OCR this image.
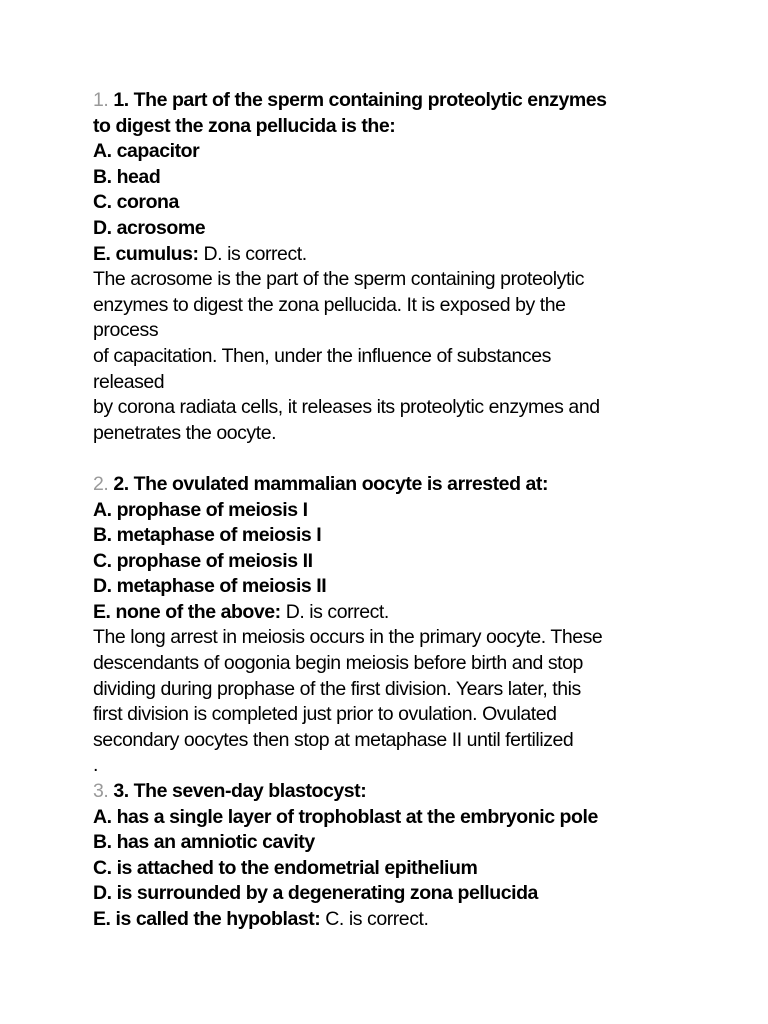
1. 1. The part of the sperm containing proteolytic enzymes
to digest the zona pellucida is the:
A. capacitor
B. head
C. corona
D. acrosome
E. cumulus: D. is correct.
The acrosome is the part of the sperm containing proteolytic
enzymes to digest the zona pellucida. It is exposed by the
process
of capacitation. Then, under the influence of substances
released
by corona radiata cells, it releases its proteolytic enzymes and
penetrates the oocyte.
2. 2. The ovulated mammalian oocyte is arrested at:
A. prophase of meiosis I
B. metaphase of meiosis I
C. prophase of meiosis II
D. metaphase of meiosis II
E. none of the above: D. is correct.
The long arrest in meiosis occurs in the primary oocyte. These
descendants of oogonia begin meiosis before birth and stop
dividing during prophase of the first division. Years later, this
first division is completed just prior to ovulation. Ovulated
secondary oocytes then stop at metaphase II until fertilized
.
3. 3. The seven-day blastocyst:
A. has a single layer of trophoblast at the embryonic pole
B. has an amniotic cavity
C. is attached to the endometrial epithelium
D. is surrounded by a degenerating zona pellucida
E. is called the hypoblast: C. is correct.
